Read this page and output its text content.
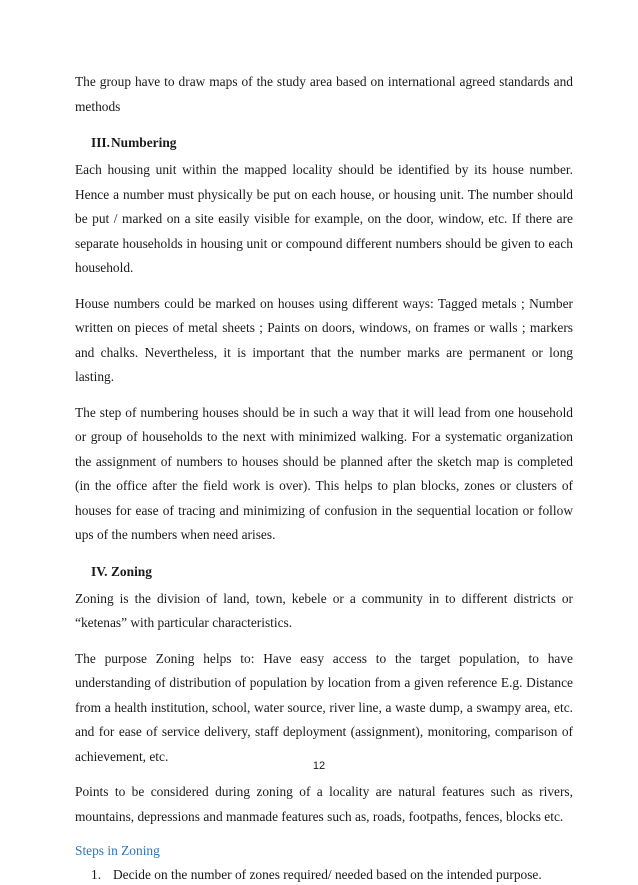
The group have to draw maps of the study area based on international agreed standards and methods

III.Numbering

Each housing unit within the mapped locality should be identified by its house number. Hence a number must physically be put on each house, or housing unit. The number should be put / marked on a site easily visible for example, on the door, window, etc. If there are separate households in housing unit or compound different numbers should be given to each household.

House numbers could be marked on houses using different ways: Tagged metals ; Number written on pieces of metal sheets ; Paints on doors, windows, on frames or walls ; markers and chalks. Nevertheless, it is important that the number marks are permanent or long lasting.

The step of numbering houses should be in such a way that it will lead from one household or group of households to the next with minimized walking. For a systematic organization the assignment of numbers to houses should be planned after the sketch map is completed (in the office after the field work is over). This helps to plan blocks, zones or clusters of houses for ease of tracing and minimizing of confusion in the sequential location or follow ups of the numbers when need arises.

IV. Zoning

Zoning is the division of land, town, kebele or a community in to different districts or “ketenas” with particular characteristics.

The purpose Zoning helps to: Have easy access to the target population, to have understanding of distribution of population by location from a given reference E.g. Distance from a health institution, school, water source, river line, a waste dump, a swampy area, etc. and for ease of service delivery, staff deployment (assignment), monitoring, comparison of achievement, etc.

Points to be considered during zoning of a locality are natural features such as rivers, mountains, depressions and manmade features such as, roads, footpaths, fences, blocks etc.

Steps in Zoning
1. Decide on the number of zones required/ needed based on the intended purpose.
12
